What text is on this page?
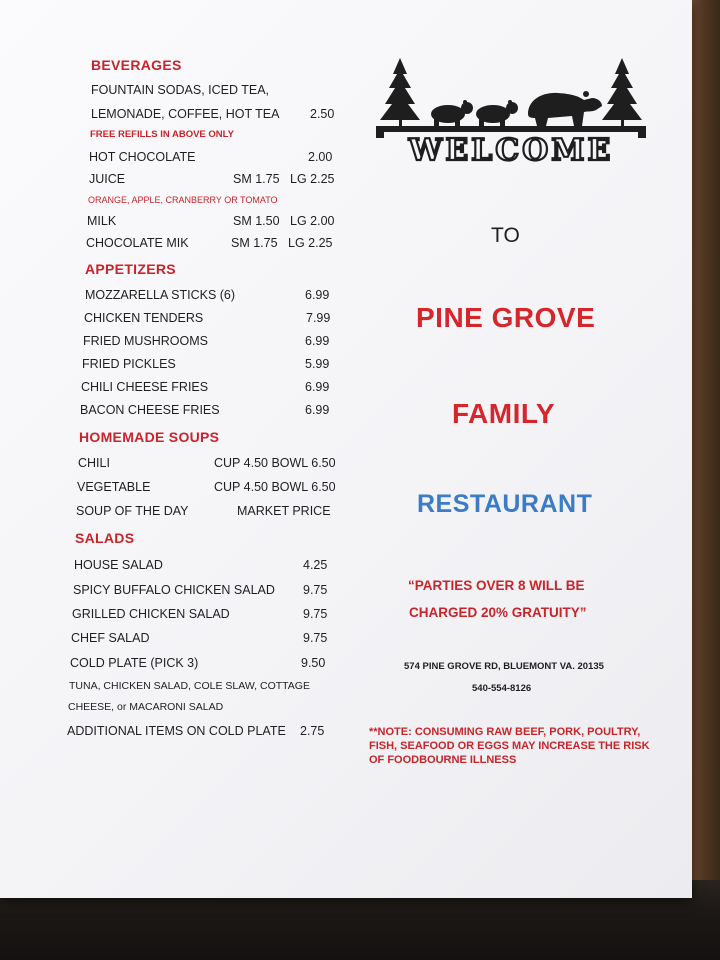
BEVERAGES
FOUNTAIN SODAS, ICED TEA,
LEMONADE, COFFEE, HOT TEA 2.50
FREE REFILLS IN ABOVE ONLY
HOT CHOCOLATE	2.00
JUICE	SM 1.75 LG 2.25
ORANGE, APPLE, CRANBERRY OR TOMATO
MILK	SM 1.50 LG 2.00
CHOCOLATE MIK	SM 1.75 LG 2.25
APPETIZERS
MOZZARELLA STICKS (6)	6.99
CHICKEN TENDERS	7.99
FRIED MUSHROOMS	6.99
FRIED PICKLES	5.99
CHILI CHEESE FRIES	6.99
BACON CHEESE FRIES	6.99
HOMEMADE SOUPS
CHILI	CUP 4.50 BOWL 6.50
VEGETABLE	CUP 4.50 BOWL 6.50
SOUP OF THE DAY	MARKET PRICE
SALADS
HOUSE SALAD	4.25
SPICY BUFFALO CHICKEN SALAD 9.75
GRILLED CHICKEN SALAD	9.75
CHEF SALAD	9.75
COLD PLATE (PICK 3)	9.50
TUNA, CHICKEN SALAD, COLE SLAW, COTTAGE
CHEESE, or MACARONI SALAD
ADDITIONAL ITEMS ON COLD PLATE 2.75
WELCOME
TO
PINE GROVE
FAMILY
RESTAURANT
“PARTIES OVER 8 WILL BE
CHARGED 20% GRATUITY”
574 PINE GROVE RD, BLUEMONT VA. 20135
540-554-8126
**NOTE: CONSUMING RAW BEEF, PORK, POULTRY, FISH, SEAFOOD OR EGGS MAY INCREASE THE RISK OF FOODBOURNE ILLNESS
